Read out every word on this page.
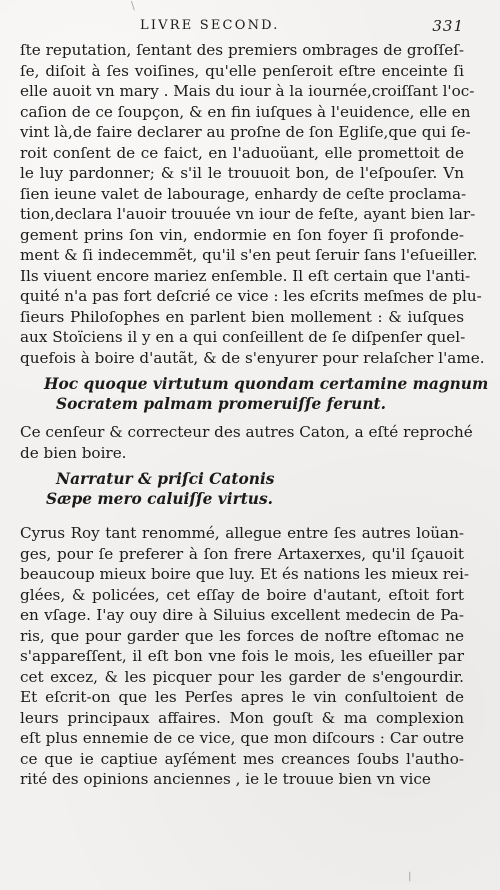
\
LIVRE SECOND.	331
ſte reputation, ſentant des premiers ombrages de groſſeſ-
ſe, diſoit à ſes voiſines, qu'elle penſeroit eſtre enceinte ſi
elle auoit vn mary . Mais du iour à la iournée,croiſſant l'oc-
caſion de ce ſoupçon, & en fin iuſques à l'euidence, elle en
vint là,de faire declarer au proſne de ſon Egliſe,que qui ſe-
roit conſent de ce faict, en l'aduoüant, elle promettoit de
le luy pardonner; & s'il le trouuoit bon, de l'eſpouſer. Vn
ſien ieune valet de labourage, enhardy de ceſte proclama-
tion,declara l'auoir trouuée vn iour de feſte, ayant bien lar-
gement prins ſon vin, endormie en ſon foyer ſi profonde-
ment & ſi indecemmẽt, qu'il s'en peut ſeruir ſans l'eſueiller.
Ils viuent encore mariez enſemble. Il eſt certain que l'anti-
quité n'a pas fort deſcrié ce vice : les eſcrits meſmes de plu-
ſieurs Philoſophes en parlent bien mollement : & iuſques
aux Stoïciens il y en a qui conſeillent de ſe diſpenſer quel-
quefois à boire d'autãt, & de s'enyurer pour relaſcher l'ame.
Hoc quoque virtutum quondam certamine magnum
Socratem palmam promeruiſſe ferunt.
Ce cenſeur & correcteur des autres Caton, a eſté reproché
de bien boire.
Narratur & priſci Catonis
Sæpe mero caluiſſe virtus.
Cyrus Roy tant renommé, allegue entre ſes autres loüan-
ges, pour ſe preferer à ſon frere Artaxerxes, qu'il ſçauoit
beaucoup mieux boire que luy. Et és nations les mieux rei-
glées, & policées, cet eſſay de boire d'autant, eſtoit fort
en vſage. I'ay ouy dire à Siluius excellent medecin de Pa-
ris, que pour garder que les forces de noſtre eſtomac ne
s'appareſſent, il eſt bon vne fois le mois, les eſueiller par
cet excez, & les picquer pour les garder de s'engourdir.
Et eſcrit-on que les Perſes apres le vin conſultoient de
leurs principaux affaires. Mon gouſt & ma complexion
eſt plus ennemie de ce vice, que mon diſcours : Car outre
ce que ie captiue ayſément mes creances ſoubs l'autho-
rité des opinions anciennes , ie le trouue bien vn vice
/
